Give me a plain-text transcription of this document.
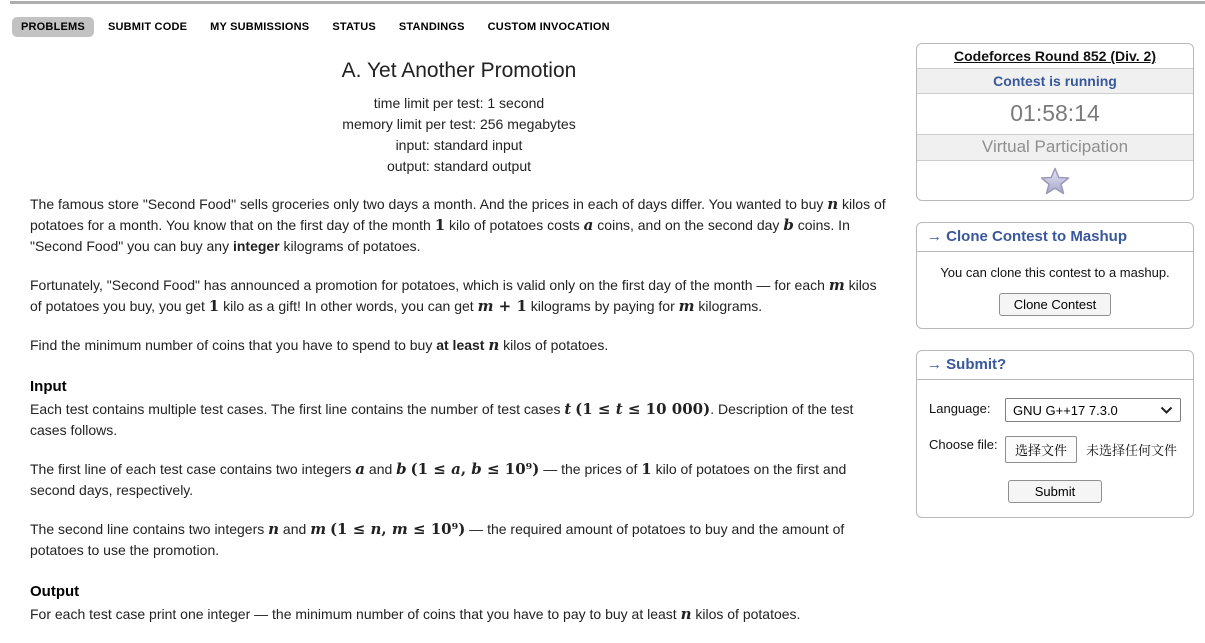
PROBLEMS	SUBMIT CODE	MY SUBMISSIONS	STATUS	STANDINGS	CUSTOM INVOCATION
A. Yet Another Promotion
time limit per test: 1 second
memory limit per test: 256 megabytes
input: standard input
output: standard output

The famous store "Second Food" sells groceries only two days a month. And the prices in each of days differ. You wanted to buy n kilos of potatoes for a month. You know that on the first day of the month 1 kilo of potatoes costs a coins, and on the second day b coins. In "Second Food" you can buy any integer kilograms of potatoes.

Fortunately, "Second Food" has announced a promotion for potatoes, which is valid only on the first day of the month — for each m kilos of potatoes you buy, you get 1 kilo as a gift! In other words, you can get m + 1 kilograms by paying for m kilograms.

Find the minimum number of coins that you have to spend to buy at least n kilos of potatoes.

Input

Each test contains multiple test cases. The first line contains the number of test cases t (1 ≤ t ≤ 10 000). Description of the test cases follows.

The first line of each test case contains two integers a and b (1 ≤ a, b ≤ 10⁹) — the prices of 1 kilo of potatoes on the first and second days, respectively.

The second line contains two integers n and m (1 ≤ n, m ≤ 10⁹) — the required amount of potatoes to buy and the amount of potatoes to use the promotion.

Output

For each test case print one integer — the minimum number of coins that you have to pay to buy at least n kilos of potatoes.

Codeforces Round 852 (Div. 2)
Contest is running
01:58:14
Virtual Participation
→ Clone Contest to Mashup
You can clone this contest to a mashup.
Clone Contest
→ Submit?
Language:	GNU G++17 7.3.0
Choose file:	选择文件	未选择任何文件
Submit
